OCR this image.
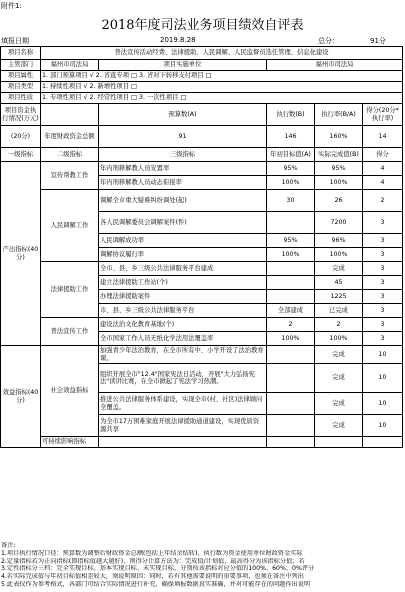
附件1:
2018年度司法业务项目绩效自评表
填报日期	2019.8.28	总分：	91分
项目名称	普法宣传活动经费、法律援助、人民调解、人民监督员选任管理、信息化建设				
主管部门	福州市司法局	项目实施单位	福州市司法局		
项目属性	1. 部门预算项目 √ 2. 省直专项 □ 3. 省对下转移支付项目 □				
项目类型	1. 持续性项目 √ 2. 新增性项目 □				
项目性质	1. 专项性项目 √ 2. 经常性项目 □ 3. 一次性项目 □				
项目资金执行情况(万元)		预算数(A)	执行数(B)	执行率(B/A)	得分(20分*执行率)
(20分)	年度财政资金总额	91	146	160%	14
一级指标	二级指标	三级指标	年初目标值(A)	实际完成值(B)	得分
产出指标(40分)	宣传帮教工作	年内刑释解教人员安置率	95%	95%	4
		年内刑释解教人员动态衔接率	100%	100%	4
	人民调解工作	调解全市重大疑难纠纷调处(起)	30	26	2
		各人民调解委员会调解案件(件)		7200	3
		人民调解成功率	95%	96%	3
		调解协议履行率	100%	100%	3
	法律援助工作	全市、县、乡三级公共法律服务平台建成		完成	3
		建立法律援助工作站(个)		45	3
		办理法律援助案件		1225	3
		市、县、乡三级公共法律服务平台	全部建成	已完成	3
	普法宣传工作	建设法治文化教育基地(个)	2	2	3
		全市国家工作人员无纸化学法用法覆盖率	100%	100%	3
效益指标(40分)	社会效益指标	加强青少年法治教育，在全市所有中、小学开设了法治教育课。		完成	10
		组织开展全市"12.4"国家宪法日活动，开展"大力弘扬宪法"读讲比赛，在全市掀起了宪法学习热潮。		完成	10
		推进公共法律服务体系建设，实现全市(村、社区)法律顾问全覆盖。		完成	10
		为全市17万困难家庭开展法律援助通道建设，实现优质资源共享		完成	10
	可持续影响指标				
备注:
1.项目执行情况口径：预算数为调整后财政资金总额(包括上年结余结转)，执行数为资金使用单位财政资金实际
2.定量指标若为正向指标(即指标值越大越好)，则得分计算方法为：完成值/计划值，最高得分为该指标分值；若
3.定性指标分三档：完全实现目标、基本实现目标、未实现目标，分别按该指标对应分值的100%、60%、0%评分
4.若实际完成值与年初目标值相差较大，须说明原因：同时，若有其他需要说明的重要事项，也须在备注中列出
5.此表仅作为参考格式，各部门可结合实际情况进行补充，确保填报数据真实准确，并对可能存在的问题作出说明
